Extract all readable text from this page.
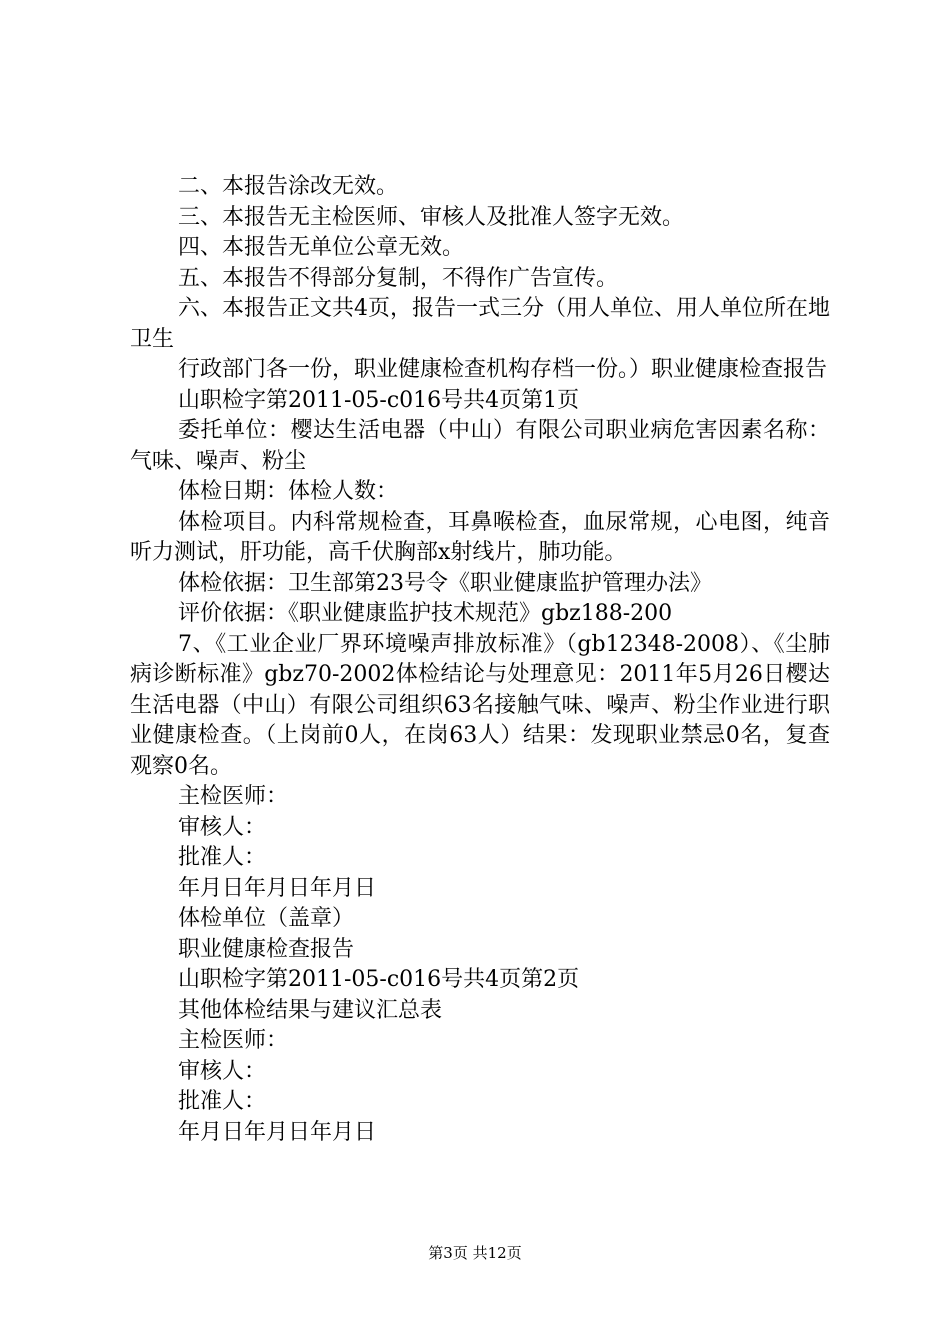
二、本报告涂改无效。

三、本报告无主检医师、审核人及批准人签字无效。

四、本报告无单位公章无效。

五、本报告不得部分复制，不得作广告宣传。

六、本报告正文共4页，报告一式三分（用人单位、用人单位所在地卫生

行政部门各一份，职业健康检查机构存档一份。）职业健康检查报告

山职检字第2011-05-c016号共4页第1页

委托单位：樱达生活电器（中山）有限公司职业病危害因素名称：气味、噪声、粉尘

体检日期：体检人数：

体检项目。内科常规检查，耳鼻喉检查，血尿常规，心电图，纯音听力测试，肝功能，高千伏胸部x射线片，肺功能。

体检依据：卫生部第23号令《职业健康监护管理办法》

评价依据：《职业健康监护技术规范》gbz188-200

7、《工业企业厂界环境噪声排放标准》（gb12348-2008）、《尘肺病诊断标准》gbz70-2002体检结论与处理意见：2011年5月26日樱达生活电器（中山）有限公司组织63名接触气味、噪声、粉尘作业进行职业健康检查。（上岗前0人，在岗63人）结果：发现职业禁忌0名，复查观察0名。

主检医师：

审核人：

批准人：

年月日年月日年月日

体检单位（盖章）

职业健康检查报告

山职检字第2011-05-c016号共4页第2页

其他体检结果与建议汇总表

主检医师：

审核人：

批准人：

年月日年月日年月日

第3页 共12页
